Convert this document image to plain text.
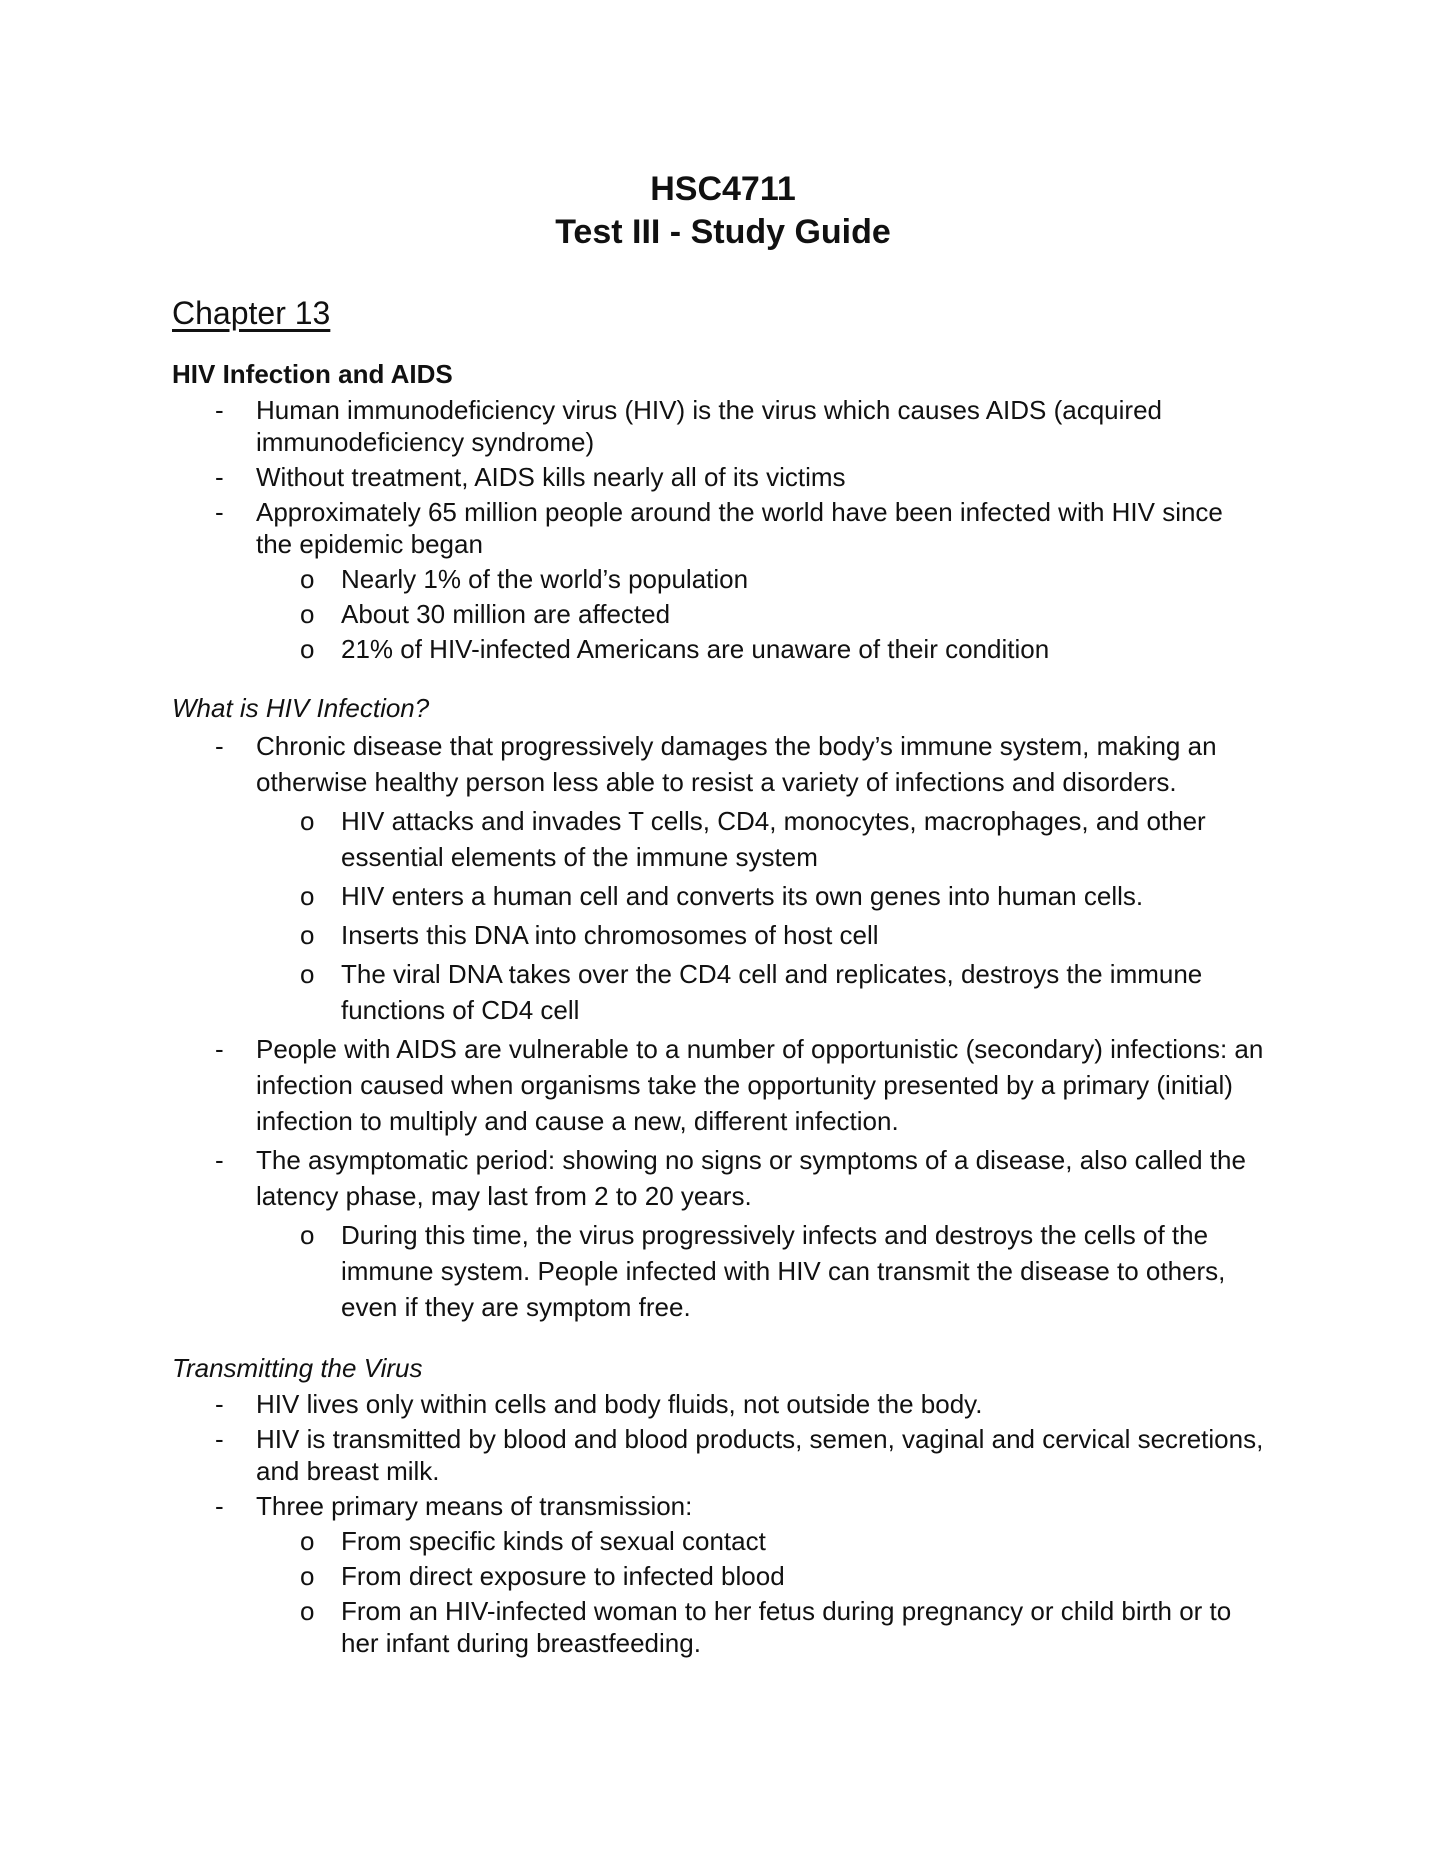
HSC4711
Test III - Study Guide
Chapter 13
HIV Infection and AIDS
- Human immunodeficiency virus (HIV) is the virus which causes AIDS (acquired immunodeficiency syndrome)
- Without treatment, AIDS kills nearly all of its victims
- Approximately 65 million people around the world have been infected with HIV since the epidemic began
o Nearly 1% of the world’s population
o About 30 million are affected
o 21% of HIV-infected Americans are unaware of their condition
What is HIV Infection?
- Chronic disease that progressively damages the body’s immune system, making an otherwise healthy person less able to resist a variety of infections and disorders.
o HIV attacks and invades T cells, CD4, monocytes, macrophages, and other essential elements of the immune system
o HIV enters a human cell and converts its own genes into human cells.
o Inserts this DNA into chromosomes of host cell
o The viral DNA takes over the CD4 cell and replicates, destroys the immune functions of CD4 cell
- People with AIDS are vulnerable to a number of opportunistic (secondary) infections: an infection caused when organisms take the opportunity presented by a primary (initial) infection to multiply and cause a new, different infection.
- The asymptomatic period: showing no signs or symptoms of a disease, also called the latency phase, may last from 2 to 20 years.
o During this time, the virus progressively infects and destroys the cells of the immune system. People infected with HIV can transmit the disease to others, even if they are symptom free.
Transmitting the Virus
- HIV lives only within cells and body fluids, not outside the body.
- HIV is transmitted by blood and blood products, semen, vaginal and cervical secretions, and breast milk.
- Three primary means of transmission:
o From specific kinds of sexual contact
o From direct exposure to infected blood
o From an HIV-infected woman to her fetus during pregnancy or child birth or to her infant during breastfeeding.
